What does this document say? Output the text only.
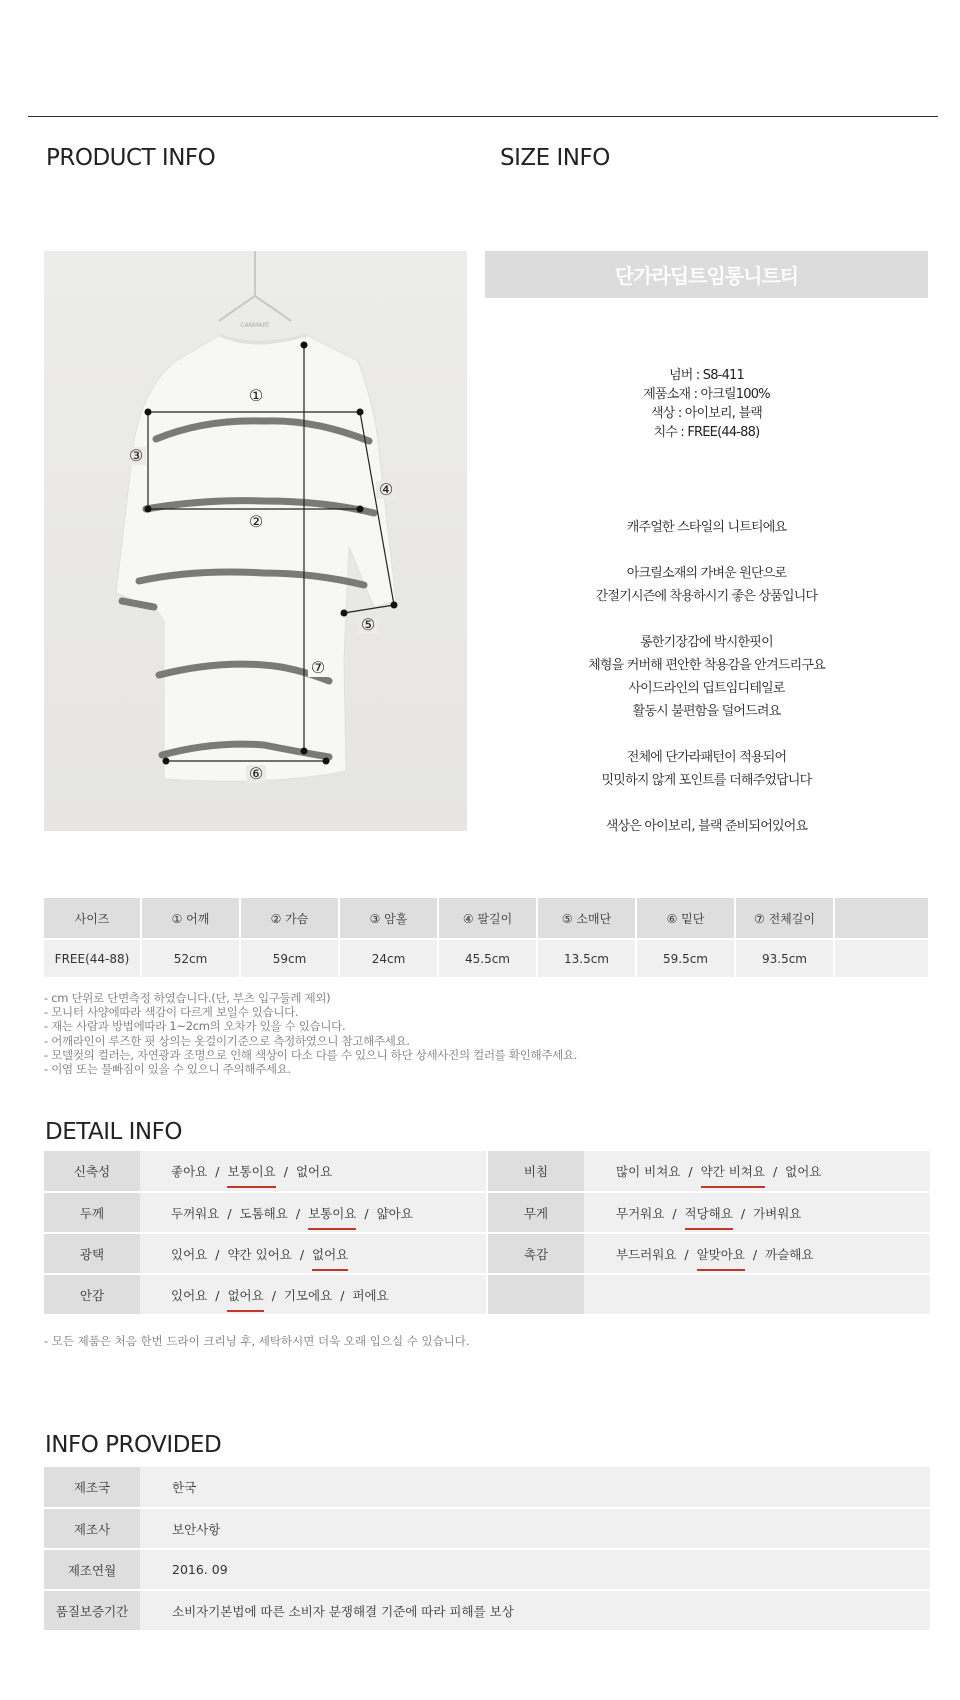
PRODUCT INFO	SIZE INFO
CANMART
①
②
③
④
⑤
⑥
⑦
단가라딥트임롱니트티
넘버 : S8-411
제품소재 : 아크릴100%
색상 : 아이보리, 블랙
치수 : FREE(44-88)
캐주얼한 스타일의 니트티에요
아크릴소재의 가벼운 원단으로
간절기시즌에 착용하시기 좋은 상품입니다
롱한기장감에 박시한핏이
체형을 커버해 편안한 착용감을 안겨드리구요
사이드라인의 딥트임디테일로
활동시 불편함을 덜어드려요
전체에 단가라패턴이 적용되어
밋밋하지 않게 포인트를 더해주었답니다
색상은 아이보리, 블랙 준비되어있어요
사이즈	① 어깨	② 가슴	③ 암홀	④ 팔길이	⑤ 소매단	⑥ 밑단	⑦ 전체길이	
FREE(44-88)	52cm	59cm	24cm	45.5cm	13.5cm	59.5cm	93.5cm	
- cm 단위로 단면측정 하였습니다.(단, 부츠 입구둘레 제외)
- 모니터 사양에따라 색감이 다르게 보일수 있습니다.
- 재는 사람과 방법에따라 1~2cm의 오차가 있을 수 있습니다.
- 어깨라인이 루즈한 핏 상의는 옷걸이기준으로 측정하였으니 참고해주세요.
- 모델컷의 컬러는, 자연광과 조명으로 인해 색상이 다소 다를 수 있으니 하단 상세사진의 컬러를 확인해주세요.
- 이염 또는 물빠짐이 있을 수 있으니 주의해주세요.
DETAIL INFO
신축성	좋아요 / 보통이요 / 없어요	비침	많이 비쳐요 / 약간 비쳐요 / 없어요
두께	두꺼워요 / 도톰해요 / 보통이요 / 얇아요	무게	무거워요 / 적당해요 / 가벼워요
광택	있어요 / 약간 있어요 / 없어요	촉감	부드러워요 / 알맞아요 / 까슬해요
안감	있어요 / 없어요 / 기모에요 / 퍼에요		
- 모든 제품은 처음 한번 드라이 크리닝 후, 세탁하시면 더욱 오래 입으실 수 있습니다.
INFO PROVIDED
제조국	한국
제조사	보안사항
제조연월	2016. 09
품질보증기간	소비자기본법에 따른 소비자 분쟁해결 기준에 따라 피해를 보상
